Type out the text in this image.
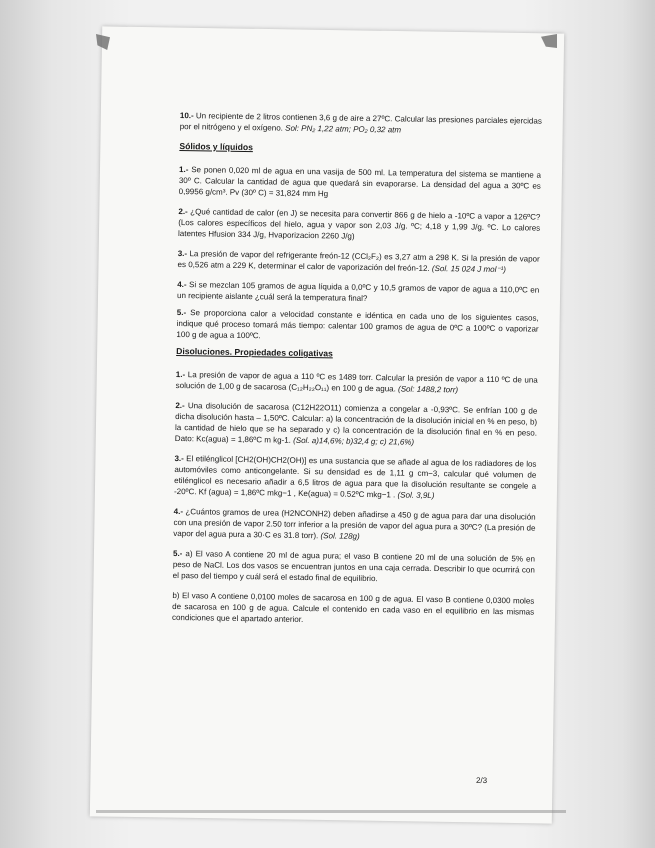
10.- Un recipiente de 2 litros contienen 3,6 g de aire a 27ºC. Calcular las presiones parciales ejercidas por el nitrógeno y el oxígeno. Sol: PN₂ 1,22 atm; PO₂ 0,32 atm

Sólidos y líquidos

1.- Se ponen 0,020 ml de agua en una vasija de 500 ml. La temperatura del sistema se mantiene a 30º C. Calcular la cantidad de agua que quedará sin evaporarse. La densidad del agua a 30ºC es 0,9956 g/cm³. Pv (30º C) = 31,824 mm Hg

2.- ¿Qué cantidad de calor (en J) se necesita para convertir 866 g de hielo a -10ºC a vapor a 126ºC? (Los calores específicos del hielo, agua y vapor son 2,03 J/g. ºC; 4,18 y 1,99 J/g. ºC. Lo calores latentes Hfusion 334 J/g, Hvaporizacion 2260 J/g)

3.- La presión de vapor del refrigerante freón-12 (CCl₂F₂) es 3,27 atm a 298 K. Si la presión de vapor es 0,526 atm a 229 K, determinar el calor de vaporización del freón-12. (Sol. 15 024 J mol⁻¹)

4.- Si se mezclan 105 gramos de agua líquida a 0,0ºC y 10,5 gramos de vapor de agua a 110,0ºC en un recipiente aislante ¿cuál será la temperatura final?

5.- Se proporciona calor a velocidad constante e idéntica en cada uno de los siguientes casos, indique qué proceso tomará más tiempo: calentar 100 gramos de agua de 0ºC a 100ºC o vaporizar 100 g de agua a 100ºC.

Disoluciones. Propiedades coligativas

1.- La presión de vapor de agua a 110 ºC es 1489 torr. Calcular la presión de vapor a 110 ºC de una solución de 1,00 g de sacarosa (C₁₂H₂₂O₁₁) en 100 g de agua. (Sol: 1488,2 torr)

2.- Una disolución de sacarosa (C12H22O11) comienza a congelar a -0,93ºC. Se enfrían 100 g de dicha disolución hasta – 1,50ºC. Calcular: a) la concentración de la disolución inicial en % en peso, b) la cantidad de hielo que se ha separado y c) la concentración de la disolución final en % en peso. Dato: Kc(agua) = 1,86ºC m kg-1. (Sol. a)14,6%; b)32,4 g; c) 21,6%)

3.- El etilénglicol [CH2(OH)CH2(OH)] es una sustancia que se añade al agua de los radiadores de los automóviles como anticongelante. Si su densidad es de 1,11 g cm−3, calcular qué volumen de etilénglicol es necesario añadir a 6,5 litros de agua para que la disolución resultante se congele a -20ºC. Kf (agua) = 1,86ºC mkg−1 , Ke(agua) = 0.52ºC mkg−1 . (Sol. 3,9L)

4.- ¿Cuántos gramos de urea (H2NCONH2) deben añadirse a 450 g de agua para dar una disolución con una presión de vapor 2.50 torr inferior a la presión de vapor del agua pura a 30ºC? (La presión de vapor del agua pura a 30·C es 31.8 torr). (Sol. 128g)

5.- a) El vaso A contiene 20 ml de agua pura; el vaso B contiene 20 ml de una solución de 5% en peso de NaCl. Los dos vasos se encuentran juntos en una caja cerrada. Describir lo que ocurrirá con el paso del tiempo y cuál será el estado final de equilibrio.

b) El vaso A contiene 0,0100 moles de sacarosa en 100 g de agua. El vaso B contiene 0,0300 moles de sacarosa en 100 g de agua. Calcule el contenido en cada vaso en el equilibrio en las mismas condiciones que el apartado anterior.

2/3
